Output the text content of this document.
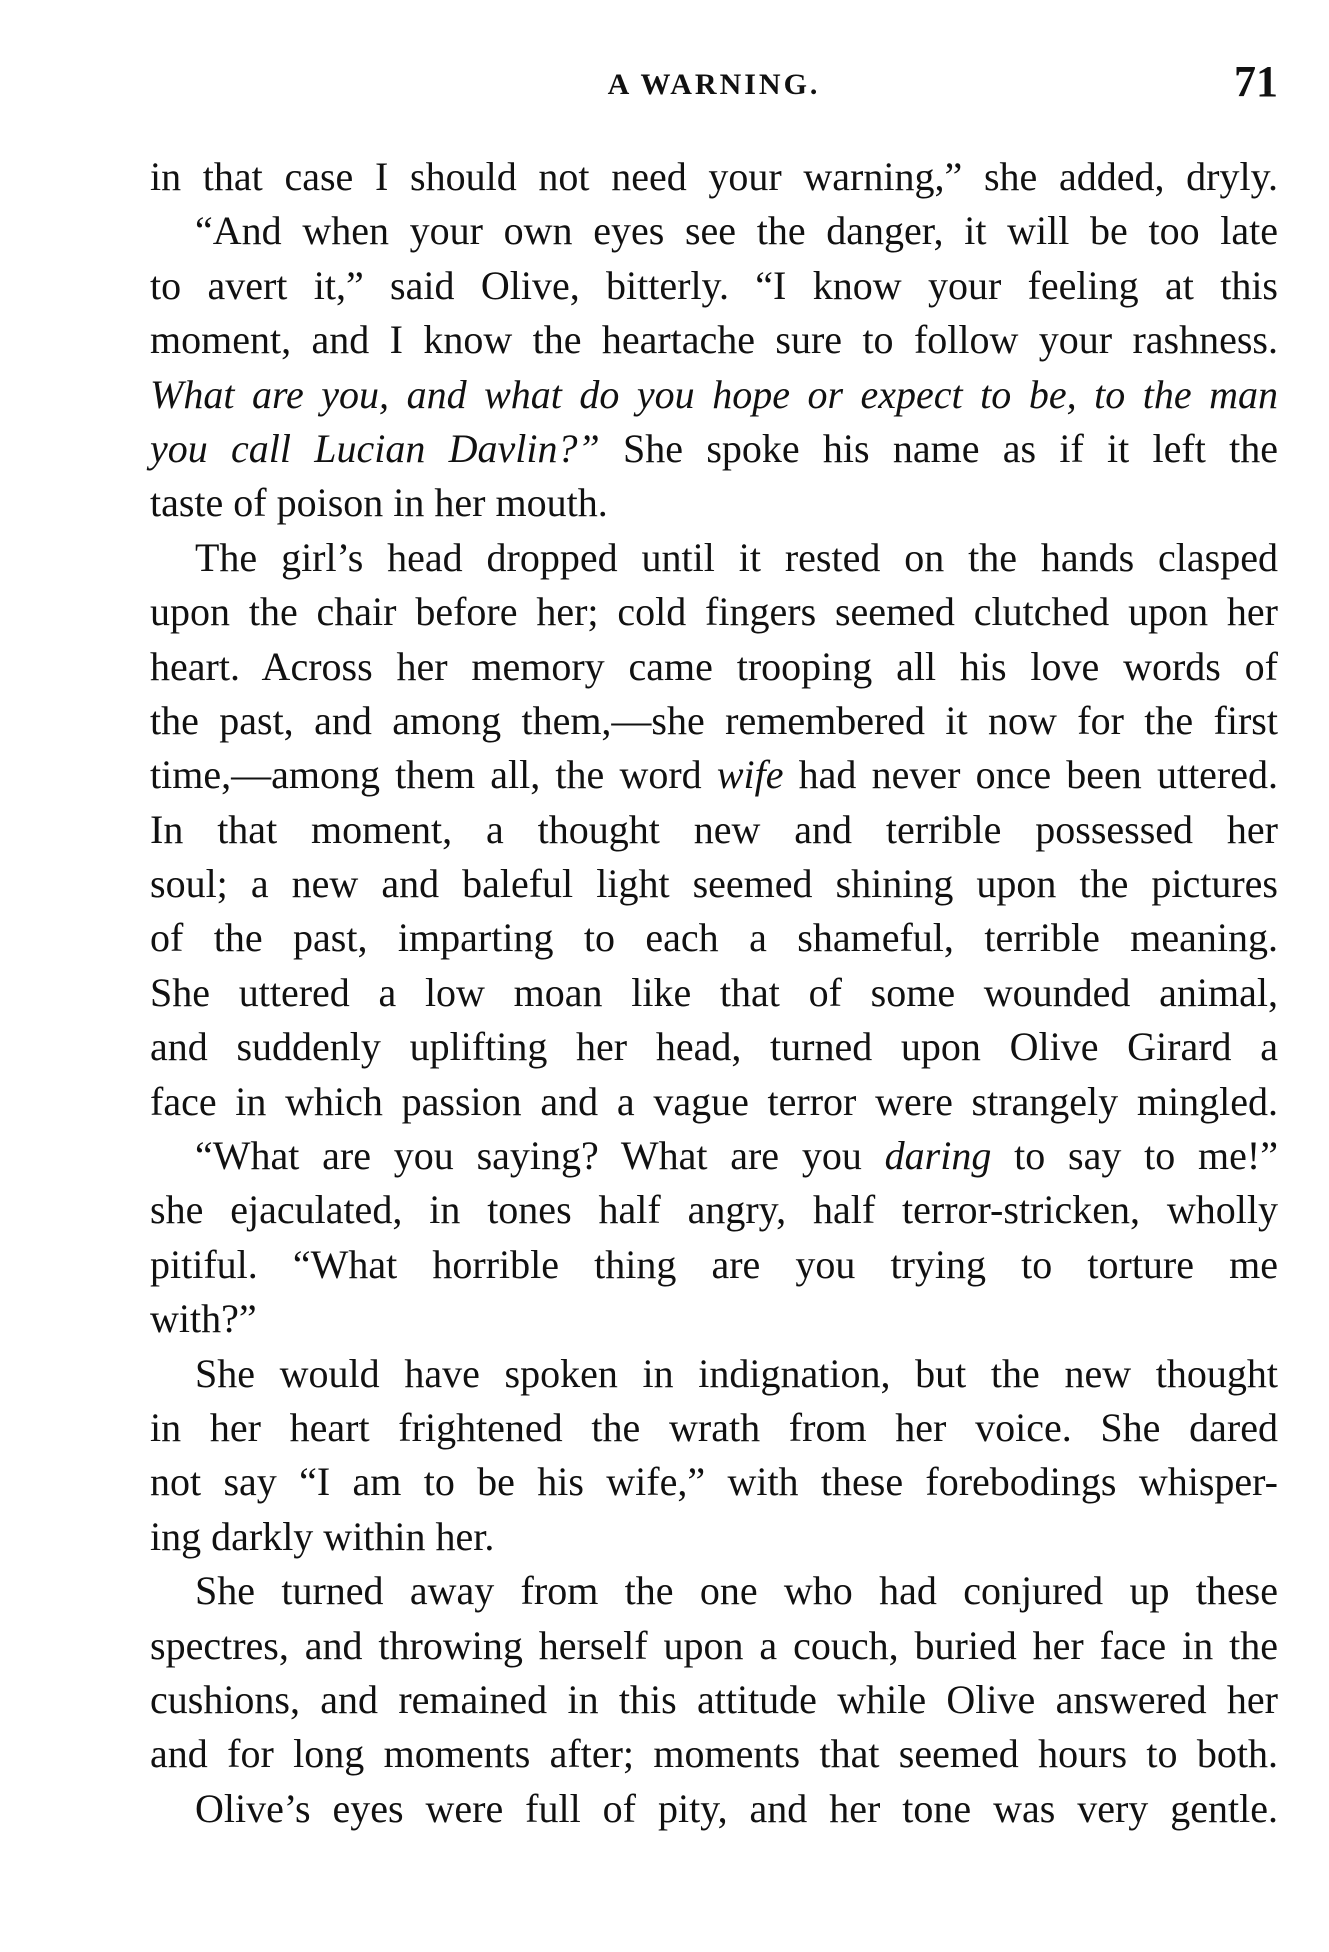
A WARNING.	71
in that case I should not need your warning,” she added, dryly.
“And when your own eyes see the danger, it will be too late
to avert it,” said Olive, bitterly. “I know your feeling at this
moment, and I know the heartache sure to follow your rashness.
What are you, and what do you hope or expect to be, to the man
you call Lucian Davlin?” She spoke his name as if it left the
taste of poison in her mouth.
The girl’s head dropped until it rested on the hands clasped
upon the chair before her; cold fingers seemed clutched upon her
heart. Across her memory came trooping all his love words of
the past, and among them,—she remembered it now for the first
time,—among them all, the word wife had never once been uttered.
In that moment, a thought new and terrible possessed her
soul; a new and baleful light seemed shining upon the pictures
of the past, imparting to each a shameful, terrible meaning.
She uttered a low moan like that of some wounded animal,
and suddenly uplifting her head, turned upon Olive Girard a
face in which passion and a vague terror were strangely mingled.
“What are you saying? What are you daring to say to me!”
she ejaculated, in tones half angry, half terror-stricken, wholly
pitiful. “What horrible thing are you trying to torture me
with?”
She would have spoken in indignation, but the new thought
in her heart frightened the wrath from her voice. She dared
not say “I am to be his wife,” with these forebodings whisper-
ing darkly within her.
She turned away from the one who had conjured up these
spectres, and throwing herself upon a couch, buried her face in the
cushions, and remained in this attitude while Olive answered her
and for long moments after; moments that seemed hours to both.
Olive’s eyes were full of pity, and her tone was very gentle.
